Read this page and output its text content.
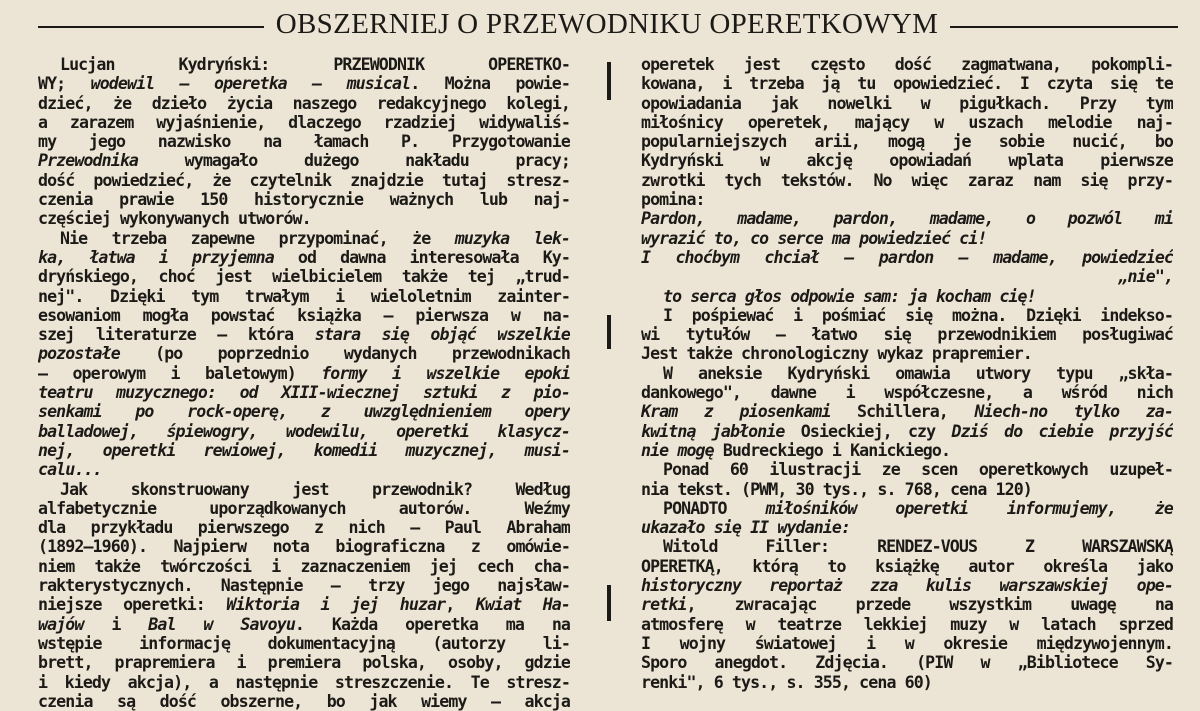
OBSZERNIEJ O PRZEWODNIKU OPERETKOWYM
Lucjan Kydryński: PRZEWODNIK OPERETKO-
WY; wodewil — operetka — musical. Można powie-
dzieć, że dzieło życia naszego redakcyjnego kolegi,
a zarazem wyjaśnienie, dlaczego rzadziej widywaliś-
my jego nazwisko na łamach P. Przygotowanie
Przewodnika wymagało dużego nakładu pracy;
dość powiedzieć, że czytelnik znajdzie tutaj stresz-
czenia prawie 150 historycznie ważnych lub naj-
częściej wykonywanych utworów.
Nie trzeba zapewne przypominać, że muzyka lek-
ka, łatwa i przyjemna od dawna interesowała Ky-
dryńskiego, choć jest wielbicielem także tej „trud-
nej". Dzięki tym trwałym i wieloletnim zainter-
esowaniom mogła powstać książka — pierwsza w na-
szej literaturze — która stara się objąć wszelkie
pozostałe (po poprzednio wydanych przewodnikach
— operowym i baletowym) formy i wszelkie epoki
teatru muzycznego: od XIII-wiecznej sztuki z pio-
senkami po rock-operę, z uwzględnieniem opery
balladowej, śpiewogry, wodewilu, operetki klasycz-
nej, operetki rewiowej, komedii muzycznej, musi-
calu...
Jak skonstruowany jest przewodnik? Według
alfabetycznie uporządkowanych autorów. Weźmy
dla przykładu pierwszego z nich — Paul Abraham
(1892—1960). Najpierw nota biograficzna z omówie-
niem także twórczości i zaznaczeniem jej cech cha-
rakterystycznych. Następnie — trzy jego najsław-
niejsze operetki: Wiktoria i jej huzar, Kwiat Ha-
wajów i Bal w Savoyu. Każda operetka ma na
wstępie informację dokumentacyjną (autorzy li-
brett, prapremiera i premiera polska, osoby, gdzie
i kiedy akcja), a następnie streszczenie. Te stresz-
czenia są dość obszerne, bo jak wiemy — akcja
operetek jest często dość zagmatwana, pokompli-
kowana, i trzeba ją tu opowiedzieć. I czyta się te
opowiadania jak nowelki w pigułkach. Przy tym
miłośnicy operetek, mający w uszach melodie naj-
popularniejszych arii, mogą je sobie nucić, bo
Kydryński w akcję opowiadań wplata pierwsze
zwrotki tych tekstów. No więc zaraz nam się przy-
pomina:
Pardon, madame, pardon, madame, o pozwól mi
wyrazić to, co serce ma powiedzieć ci!
I choćbym chciał — pardon — madame, powiedzieć
„nie",
to serca głos odpowie sam: ja kocham cię!
I pośpiewać i pośmiać się można. Dzięki indekso-
wi tytułów — łatwo się przewodnikiem posługiwać
Jest także chronologiczny wykaz prapremier.
W aneksie Kydryński omawia utwory typu „skła-
dankowego", dawne i współczesne, a wśród nich
Kram z piosenkami Schillera, Niech-no tylko za-
kwitną jabłonie Osieckiej, czy Dziś do ciebie przyjść
nie mogę Budreckiego i Kanickiego.
Ponad 60 ilustracji ze scen operetkowych uzupeł-
nia tekst. (PWM, 30 tys., s. 768, cena 120)
PONADTO miłośników operetki informujemy, że
ukazało się II wydanie:
Witold Filler: RENDEZ-VOUS Z WARSZAWSKĄ
OPERETKĄ, którą to książkę autor określa jako
historyczny reportaż zza kulis warszawskiej ope-
retki, zwracając przede wszystkim uwagę na
atmosferę w teatrze lekkiej muzy w latach sprzed
I wojny światowej i w okresie międzywojennym.
Sporo anegdot. Zdjęcia. (PIW w „Bibliotece Sy-
renki", 6 tys., s. 355, cena 60)
